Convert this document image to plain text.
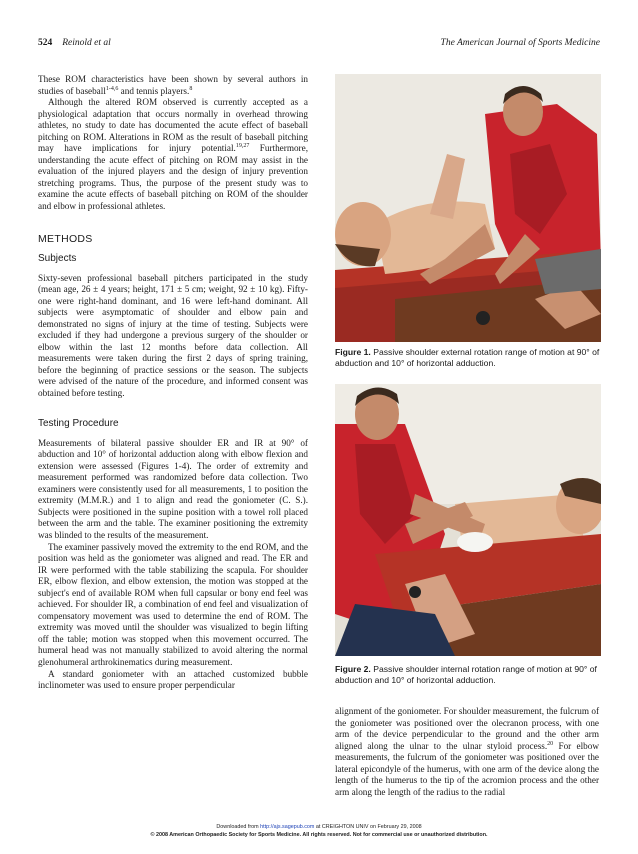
524 Reinold et al	The American Journal of Sports Medicine

These ROM characteristics have been shown by several authors in studies of baseball$^{1-4,6}$ and tennis players.$^8$

Although the altered ROM observed is currently accepted as a physiological adaptation that occurs normally in overhead throwing athletes, no study to date has documented the acute effect of baseball pitching on ROM. Alterations in ROM as the result of baseball pitching may have implications for injury potential.$^{19,27}$ Furthermore, understanding the acute effect of pitching on ROM may assist in the evaluation of the injured players and the design of injury prevention stretching programs. Thus, the purpose of the present study was to examine the acute effects of baseball pitching on ROM of the shoulder and elbow in professional athletes.

METHODS
Subjects

Sixty-seven professional baseball pitchers participated in the study (mean age, 26 ± 4 years; height, 171 ± 5 cm; weight, 92 ± 10 kg). Fifty-one were right-hand dominant, and 16 were left-hand dominant. All subjects were asymptomatic of shoulder and elbow pain and demonstrated no signs of injury at the time of testing. Subjects were excluded if they had undergone a previous surgery of the shoulder or elbow within the last 12 months before data collection. All measurements were taken during the first 2 days of spring training, before the beginning of practice sessions or the season. The subjects were advised of the nature of the procedure, and informed consent was obtained before testing.

Testing Procedure

Measurements of bilateral passive shoulder ER and IR at 90° of abduction and 10° of horizontal adduction along with elbow flexion and extension were assessed (Figures 1-4). The order of extremity and measurement performed was randomized before data collection. Two examiners were consistently used for all measurements, 1 to position the extremity (M.M.R.) and 1 to align and read the goniometer (C. S.). Subjects were positioned in the supine position with a towel roll placed between the arm and the table. The examiner positioning the extremity was blinded to the results of the measurement.

The examiner passively moved the extremity to the end ROM, and the position was held as the goniometer was aligned and read. The ER and IR were performed with the table stabilizing the scapula. For shoulder ER, elbow flexion, and elbow extension, the motion was stopped at the subject's end of available ROM when full capsular or bony end feel was achieved. For shoulder IR, a combination of end feel and visualization of compensatory movement was used to determine the end of ROM. The extremity was moved until the shoulder was visualized to begin lifting off the table; motion was stopped when this movement occurred. The humeral head was not manually stabilized to avoid altering the normal glenohumeral arthrokinematics during measurement.

A standard goniometer with an attached customized bubble inclinometer was used to ensure proper perpendicular

Figure 1. Passive shoulder external rotation range of motion at 90° of abduction and 10° of horizontal adduction.
Figure 2. Passive shoulder internal rotation range of motion at 90° of abduction and 10° of horizontal adduction.

alignment of the goniometer. For shoulder measurement, the fulcrum of the goniometer was positioned over the olecranon process, with one arm of the device perpendicular to the ground and the other arm aligned along the ulnar to the ulnar styloid process.$^{20}$ For elbow measurements, the fulcrum of the goniometer was positioned over the lateral epicondyle of the humerus, with one arm of the device along the length of the humerus to the tip of the acromion process and the other arm along the length of the radius to the radial

Downloaded from http://ajs.sagepub.com at CREIGHTON UNIV on February 29, 2008
© 2008 American Orthopaedic Society for Sports Medicine. All rights reserved. Not for commercial use or unauthorized distribution.
